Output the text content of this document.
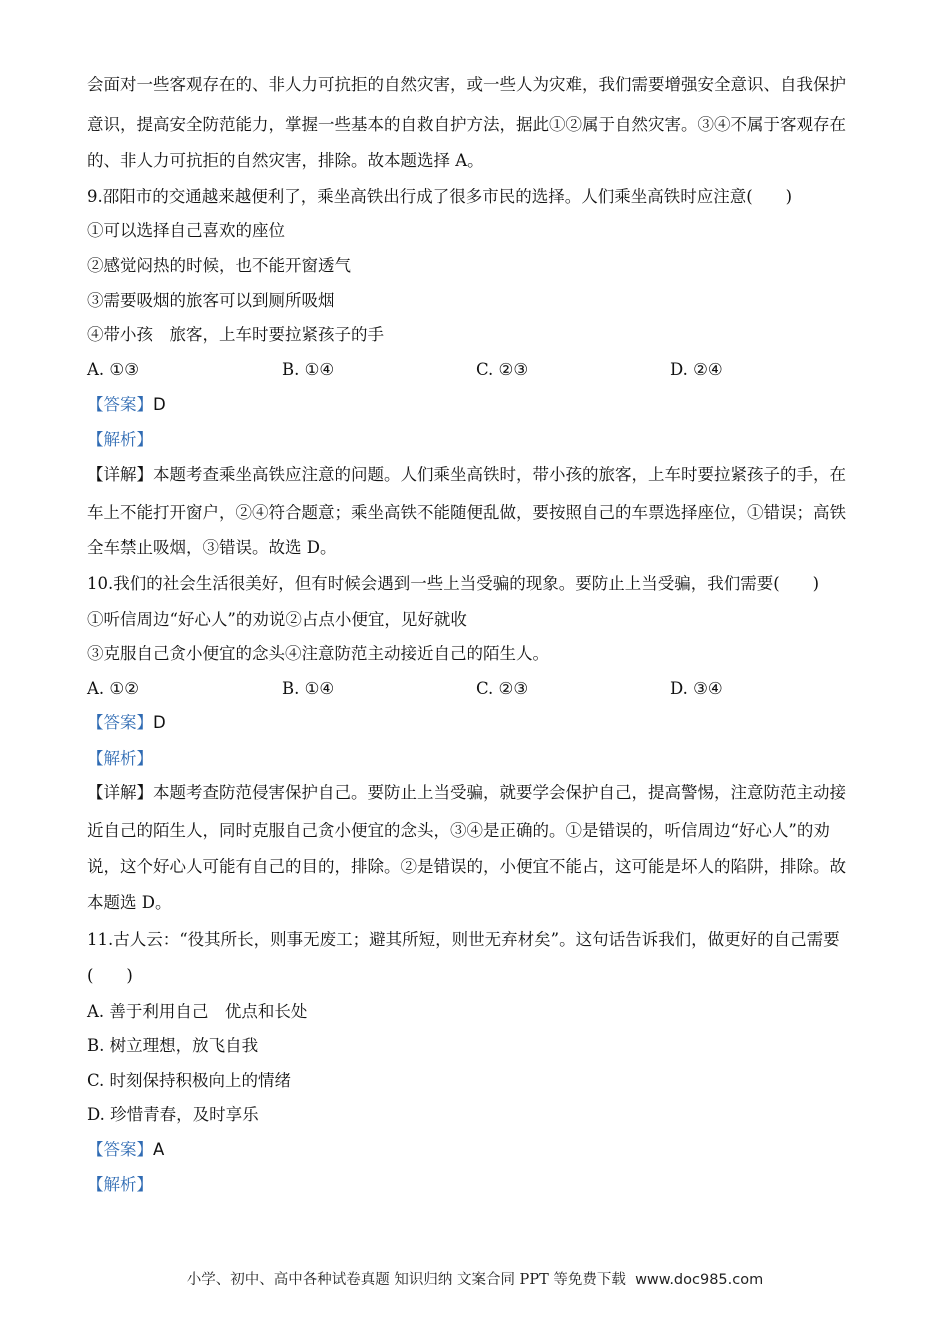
会面对一些客观存在的、非人力可抗拒的自然灾害，或一些人为灾难，我们需要增强安全意识、自我保护
意识，提高安全防范能力，掌握一些基本的自救自护方法，据此①②属于自然灾害。③④不属于客观存在
的、非人力可抗拒的自然灾害，排除。故本题选择 A。
9.邵阳市的交通越来越便利了，乘坐高铁出行成了很多市民的选择。人们乘坐高铁时应注意(　　)
①可以选择自己喜欢的座位
②感觉闷热的时候，也不能开窗透气
③需要吸烟的旅客可以到厕所吸烟
④带小孩　旅客，上车时要拉紧孩子的手
A. ①③	B. ①④	C. ②③	D. ②④
【答案】D
【解析】
【详解】本题考查乘坐高铁应注意的问题。人们乘坐高铁时，带小孩的旅客，上车时要拉紧孩子的手，在
车上不能打开窗户，②④符合题意；乘坐高铁不能随便乱做，要按照自己的车票选择座位，①错误；高铁
全车禁止吸烟，③错误。故选 D。
10.我们的社会生活很美好，但有时候会遇到一些上当受骗的现象。要防止上当受骗，我们需要(　　)
①听信周边“好心人”的劝说②占点小便宜，见好就收
③克服自己贪小便宜的念头④注意防范主动接近自己的陌生人。
A. ①②	B. ①④	C. ②③	D. ③④
【答案】D
【解析】
【详解】本题考查防范侵害保护自己。要防止上当受骗，就要学会保护自己，提高警惕，注意防范主动接
近自己的陌生人，同时克服自己贪小便宜的念头，③④是正确的。①是错误的，听信周边“好心人”的劝
说，这个好心人可能有自己的目的，排除。②是错误的，小便宜不能占，这可能是坏人的陷阱，排除。故
本题选 D。
11.古人云：“役其所长，则事无废工；避其所短，则世无弃材矣”。这句话告诉我们，做更好的自己需要
(　　)
A. 善于利用自己　优点和长处
B. 树立理想，放飞自我
C. 时刻保持积极向上的情绪
D. 珍惜青春，及时享乐
【答案】A
【解析】
小学、初中、高中各种试卷真题 知识归纳 文案合同 PPT 等免费下载 www.doc985.com
